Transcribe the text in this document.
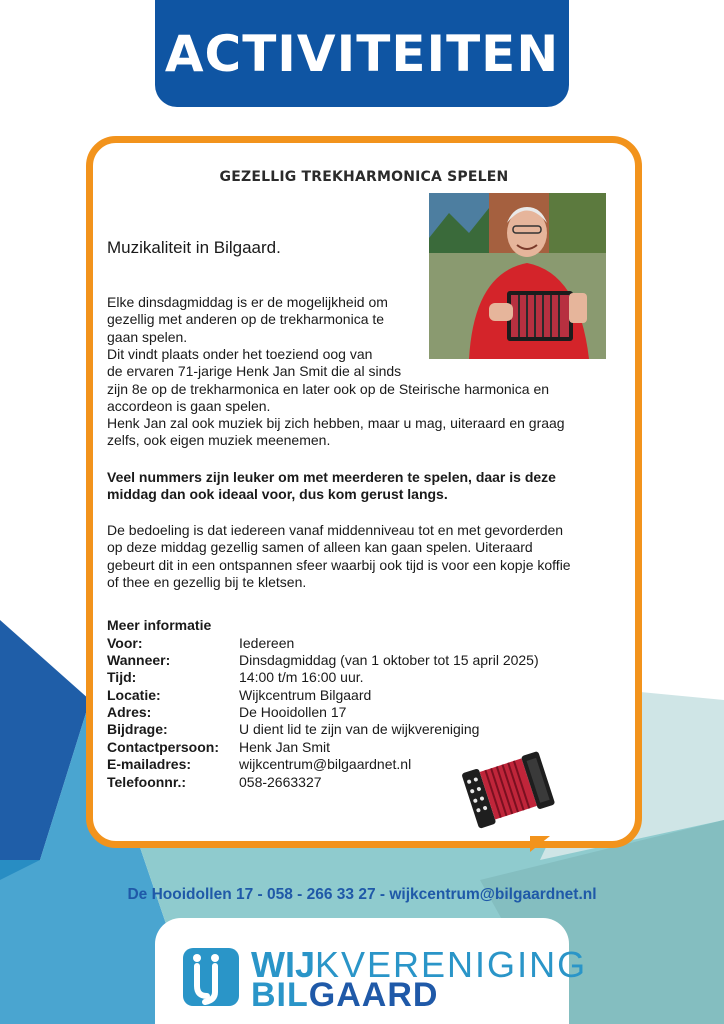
ACTIVITEITEN
GEZELLIG TREKHARMONICA SPELEN
Muzikaliteit in Bilgaard.
Elke dinsdagmiddag is er de mogelijkheid om
gezellig met anderen op de trekharmonica te
gaan spelen.
Dit vindt plaats onder het toeziend oog van
de ervaren 71-jarige Henk Jan Smit die al sinds
zijn 8e op de trekharmonica en later ook op de Steirische harmonica en accordeon is gaan spelen.
Henk Jan zal ook muziek bij zich hebben, maar u mag, uiteraard en graag zelfs, ook eigen muziek meenemen.
Veel nummers zijn leuker om met meerderen te spelen, daar is deze middag dan ook ideaal voor, dus kom gerust langs.
De bedoeling is dat iedereen vanaf middenniveau tot en met gevorderden op deze middag gezellig samen of alleen kan gaan spelen. Uiteraard gebeurt dit in een ontspannen sfeer waarbij ook tijd is voor een kopje koffie of thee en gezellig bij te kletsen.
Meer informatie
Voor:	Iedereen
Wanneer:	Dinsdagmiddag (van 1 oktober tot 15 april 2025)
Tijd:	14:00 t/m 16:00 uur.
Locatie:	Wijkcentrum Bilgaard
Adres:	De Hooidollen 17
Bijdrage:	U dient lid te zijn van de wijkvereniging
Contactpersoon:	Henk Jan Smit
E-mailadres:	wijkcentrum@bilgaardnet.nl
Telefoonnr.:	058-2663327
De Hooidollen 17 - 058 - 266 33 27 - wijkcentrum@bilgaardnet.nl
WIJKVERENIGING
BILGAARD
